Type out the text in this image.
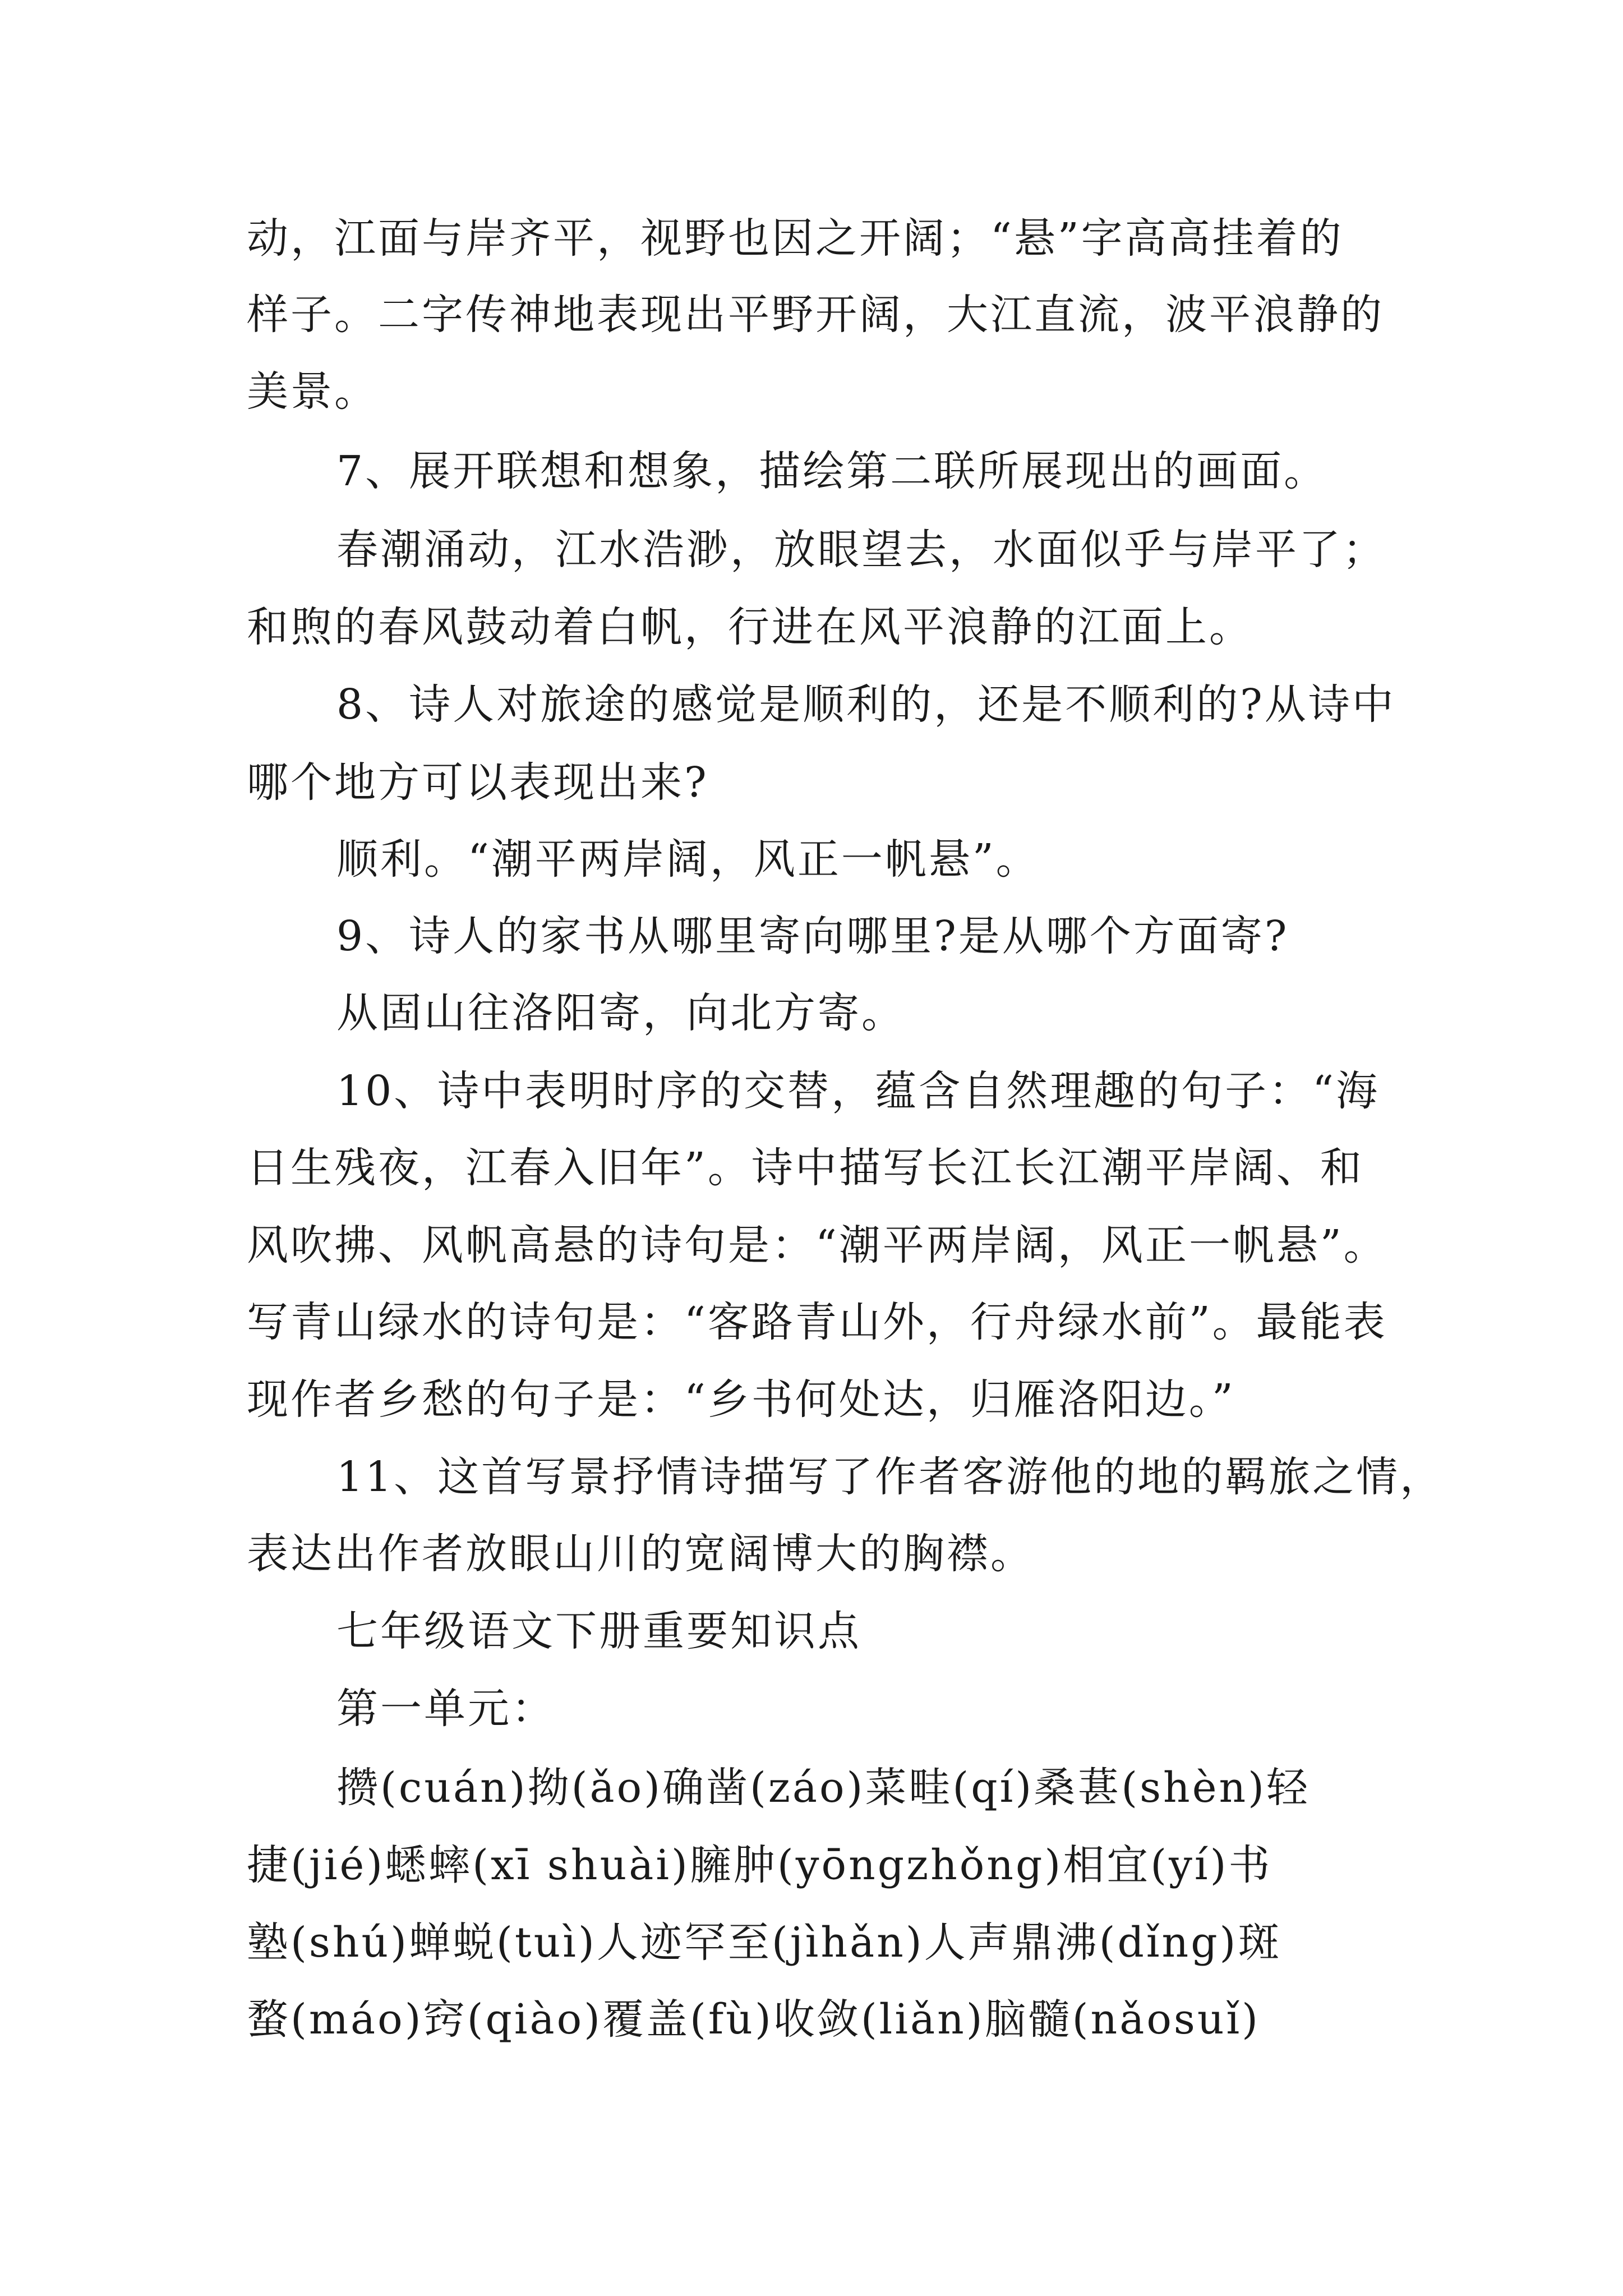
动，江面与岸齐平，视野也因之开阔；“悬”字高高挂着的
样子。二字传神地表现出平野开阔，大江直流，波平浪静的
美景。
7、展开联想和想象，描绘第二联所展现出的画面。
春潮涌动，江水浩渺，放眼望去，水面似乎与岸平了；
和煦的春风鼓动着白帆，行进在风平浪静的江面上。
8、诗人对旅途的感觉是顺利的，还是不顺利的?从诗中
哪个地方可以表现出来?
顺利。“潮平两岸阔，风正一帆悬”。
9、诗人的家书从哪里寄向哪里?是从哪个方面寄?
从固山往洛阳寄，向北方寄。
10、诗中表明时序的交替，蕴含自然理趣的句子：“海
日生残夜，江春入旧年”。诗中描写长江长江潮平岸阔、和
风吹拂、风帆高悬的诗句是：“潮平两岸阔，风正一帆悬”。
写青山绿水的诗句是：“客路青山外，行舟绿水前”。最能表
现作者乡愁的句子是：“乡书何处达，归雁洛阳边。”
11、这首写景抒情诗描写了作者客游他的地的羁旅之情，
表达出作者放眼山川的宽阔博大的胸襟。
七年级语文下册重要知识点
第一单元：
攒(cuán)拗(ǎo)确凿(záo)菜畦(qí)桑葚(shèn)轻
捷(jié)蟋蟀(xī shuài)臃肿(yōngzhǒng)相宜(yí)书
塾(shú)蝉蜕(tuì)人迹罕至(jìhǎn)人声鼎沸(dǐng)斑
蝥(máo)窍(qiào)覆盖(fù)收敛(liǎn)脑髓(nǎosuǐ)
